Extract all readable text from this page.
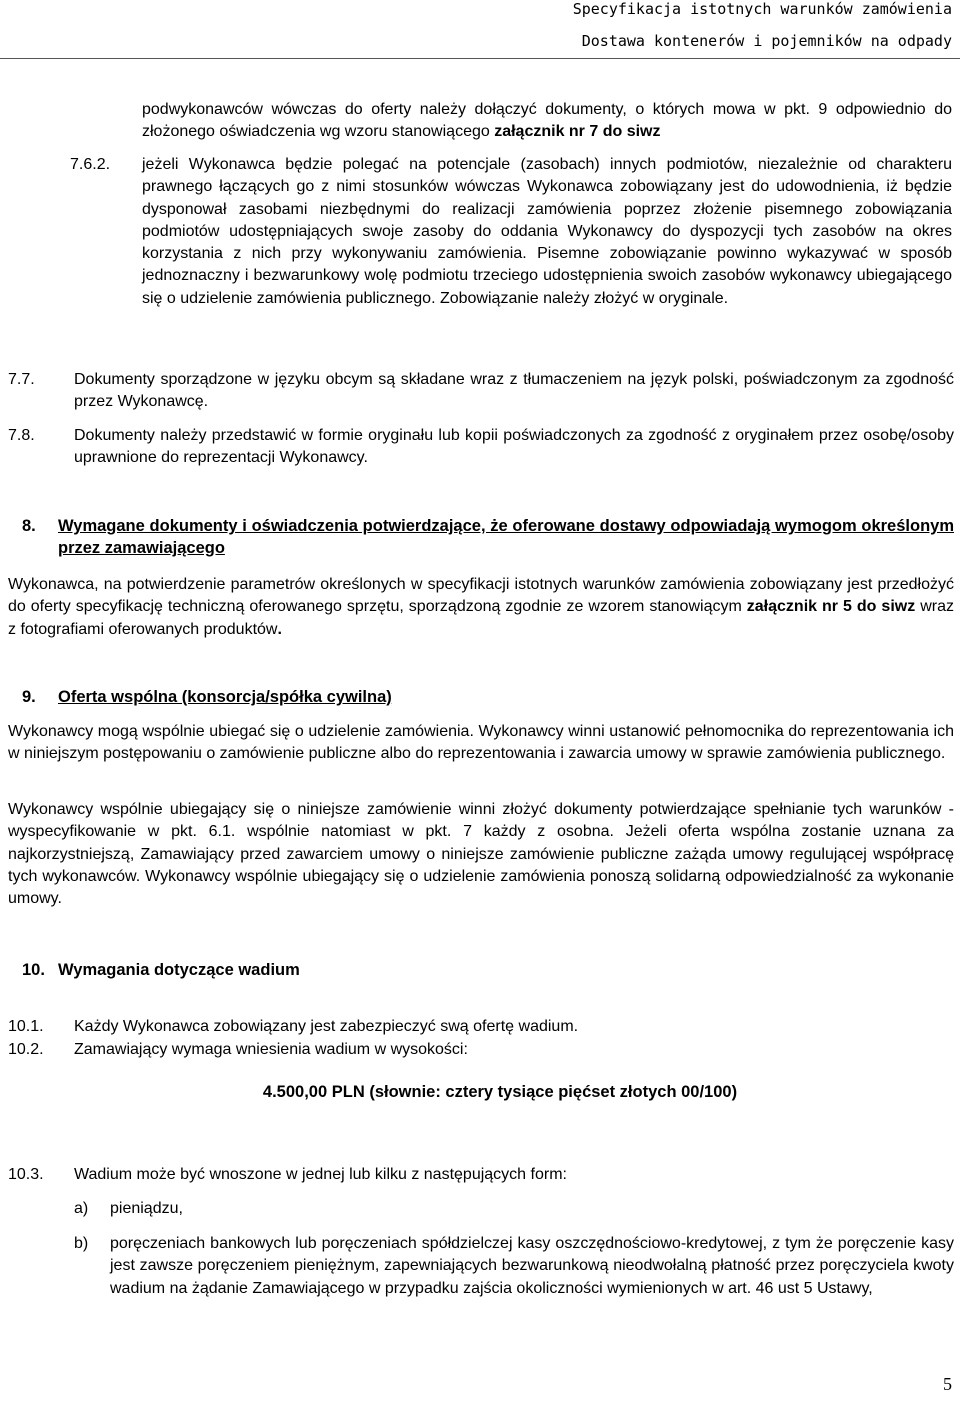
Specyfikacja istotnych warunków zamówienia
Dostawa kontenerów i pojemników na odpady

podwykonawców wówczas do oferty należy dołączyć dokumenty, o których mowa w pkt. 9 odpowiednio do złożonego oświadczenia wg wzoru stanowiącego załącznik nr 7 do siwz

7.6.2. jeżeli Wykonawca będzie polegać na potencjale (zasobach) innych podmiotów, niezależnie od charakteru prawnego łączących go z nimi stosunków wówczas Wykonawca zobowiązany jest do udowodnienia, iż będzie dysponował zasobami niezbędnymi do realizacji zamówienia poprzez złożenie pisemnego zobowiązania podmiotów udostępniających swoje zasoby do oddania Wykonawcy do dyspozycji tych zasobów na okres korzystania z nich przy wykonywaniu zamówienia. Pisemne zobowiązanie powinno wykazywać w sposób jednoznaczny i bezwarunkowy wolę podmiotu trzeciego udostępnienia swoich zasobów wykonawcy ubiegającego się o udzielenie zamówienia publicznego. Zobowiązanie należy złożyć w oryginale.

7.7. Dokumenty sporządzone w języku obcym są składane wraz z tłumaczeniem na język polski, poświadczonym za zgodność przez Wykonawcę.

7.8. Dokumenty należy przedstawić w formie oryginału lub kopii poświadczonych za zgodność z oryginałem przez osobę/osoby uprawnione do reprezentacji Wykonawcy.

8. Wymagane dokumenty i oświadczenia potwierdzające, że oferowane dostawy odpowiadają wymogom określonym przez zamawiającego

Wykonawca, na potwierdzenie parametrów określonych w specyfikacji istotnych warunków zamówienia zobowiązany jest przedłożyć do oferty specyfikację techniczną oferowanego sprzętu, sporządzoną zgodnie ze wzorem stanowiącym załącznik nr 5 do siwz wraz z fotografiami oferowanych produktów.

9. Oferta wspólna (konsorcja/spółka cywilna)

Wykonawcy mogą wspólnie ubiegać się o udzielenie zamówienia. Wykonawcy winni ustanowić pełnomocnika do reprezentowania ich w niniejszym postępowaniu o zamówienie publiczne albo do reprezentowania i zawarcia umowy w sprawie zamówienia publicznego.

Wykonawcy wspólnie ubiegający się o niniejsze zamówienie winni złożyć dokumenty potwierdzające spełnianie tych warunków - wyspecyfikowanie w pkt. 6.1. wspólnie natomiast w pkt. 7 każdy z osobna. Jeżeli oferta wspólna zostanie uznana za najkorzystniejszą, Zamawiający przed zawarciem umowy o niniejsze zamówienie publiczne zażąda umowy regulującej współpracę tych wykonawców. Wykonawcy wspólnie ubiegający się o udzielenie zamówienia ponoszą solidarną odpowiedzialność za wykonanie umowy.

10. Wymagania dotyczące wadium
10.1. Każdy Wykonawca zobowiązany jest zabezpieczyć swą ofertę wadium.
10.2. Zamawiający wymaga wniesienia wadium w wysokości:
4.500,00 PLN (słownie: cztery tysiące pięćset złotych 00/100)
10.3. Wadium może być wnoszone w jednej lub kilku z następujących form:
a) pieniądzu,
b) poręczeniach bankowych lub poręczeniach spółdzielczej kasy oszczędnościowo-kredytowej, z tym że poręczenie kasy jest zawsze poręczeniem pieniężnym, zapewniających bezwarunkową nieodwołalną płatność przez poręczyciela kwoty wadium na żądanie Zamawiającego w przypadku zajścia okoliczności wymienionych w art. 46 ust 5 Ustawy,

5
